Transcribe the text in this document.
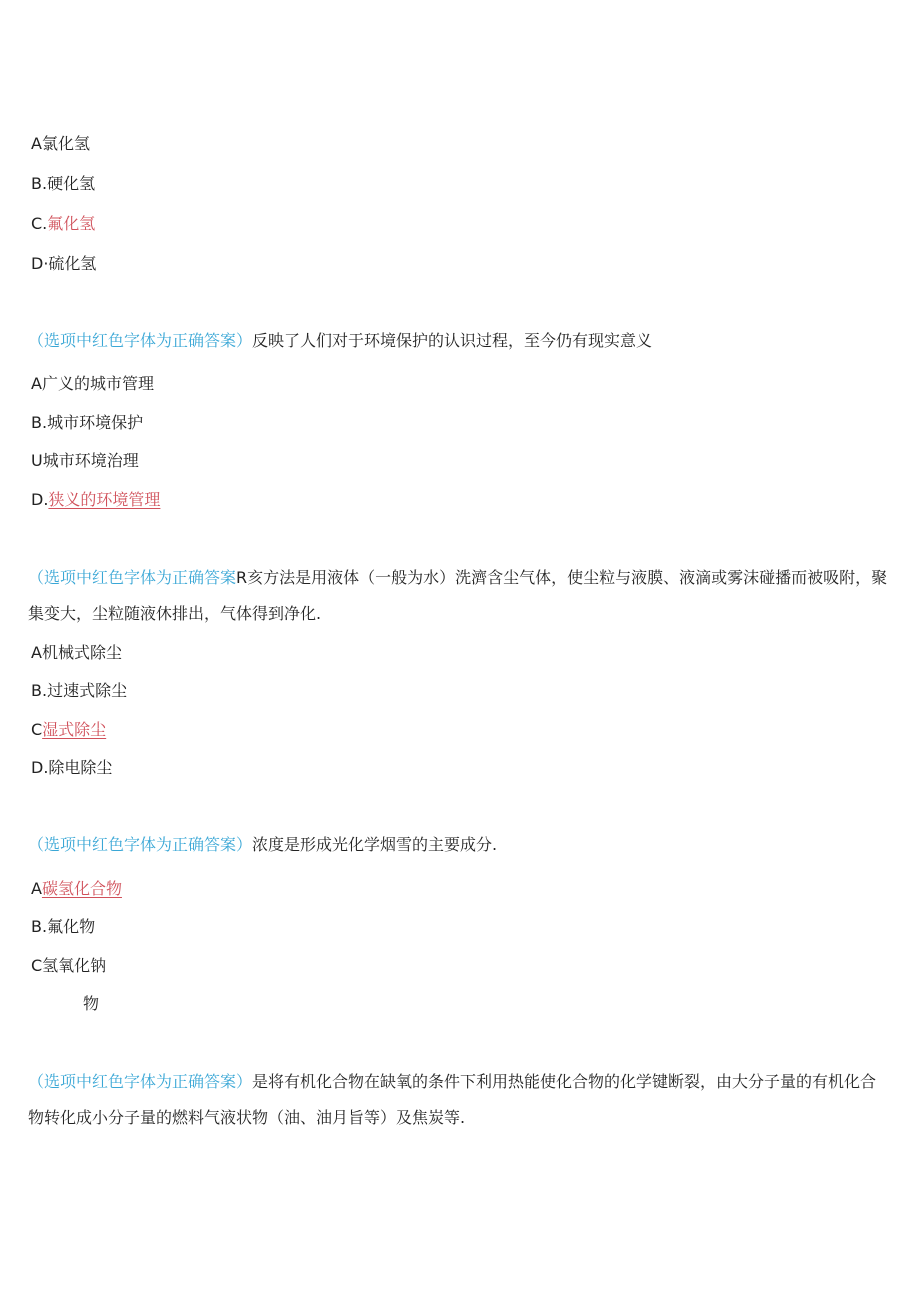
A氯化氢
B.硬化氢
C.氟化氢
D·硫化氢
（选项中红色字体为正确答案）反映了人们对于环境保护的认识过程，至今仍有现实意义
A广义的城市管理
B.城市环境保护
U城市环境治理
D.狭义的环境管理
（选项中红色字体为正确答案R亥方法是用液体（一般为水）洗濟含尘气体，使尘粒与液膜、液滴或雾沫碰播而被吸附，聚集变大，尘粒随液休排出，气体得到净化.
A机械式除尘
B.过速式除尘
C湿式除尘
D.除电除尘
（选项中红色字体为正确答案）浓度是形成光化学烟雪的主要成分.
A碳氢化合物
B.氟化物
C氢氧化钠
物
（选项中红色字体为正确答案）是将有机化合物在缺氧的条件下利用热能使化合物的化学键断裂，由大分子量的有机化合物转化成小分子量的燃料气液状物（油、油月旨等）及焦炭等.
